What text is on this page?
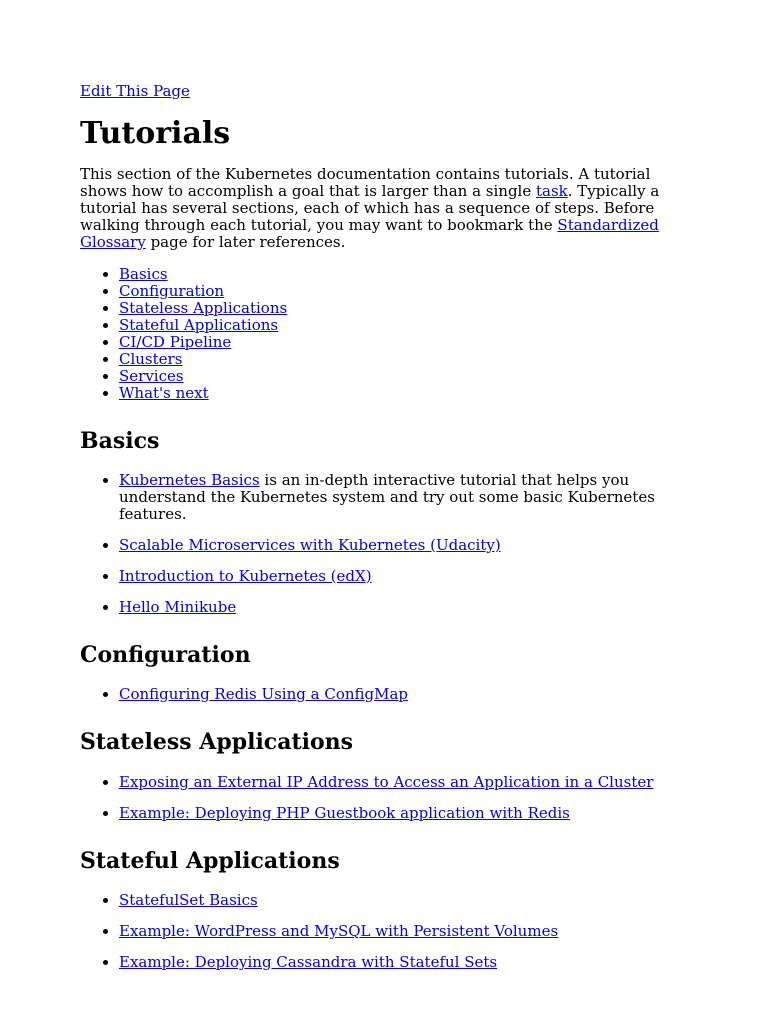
Edit This Page
Tutorials

This section of the Kubernetes documentation contains tutorials. A tutorial shows how to accomplish a goal that is larger than a single task. Typically a tutorial has several sections, each of which has a sequence of steps. Before walking through each tutorial, you may want to bookmark the Standardized Glossary page for later references.

• Basics
• Configuration
• Stateless Applications
• Stateful Applications
• CI/CD Pipeline
• Clusters
• Services
• What's next
Basics
• Kubernetes Basics is an in-depth interactive tutorial that helps you understand the Kubernetes system and try out some basic Kubernetes features.
• Scalable Microservices with Kubernetes (Udacity)
• Introduction to Kubernetes (edX)
• Hello Minikube
Configuration
• Configuring Redis Using a ConfigMap
Stateless Applications
• Exposing an External IP Address to Access an Application in a Cluster
• Example: Deploying PHP Guestbook application with Redis
Stateful Applications
• StatefulSet Basics
• Example: WordPress and MySQL with Persistent Volumes
• Example: Deploying Cassandra with Stateful Sets
